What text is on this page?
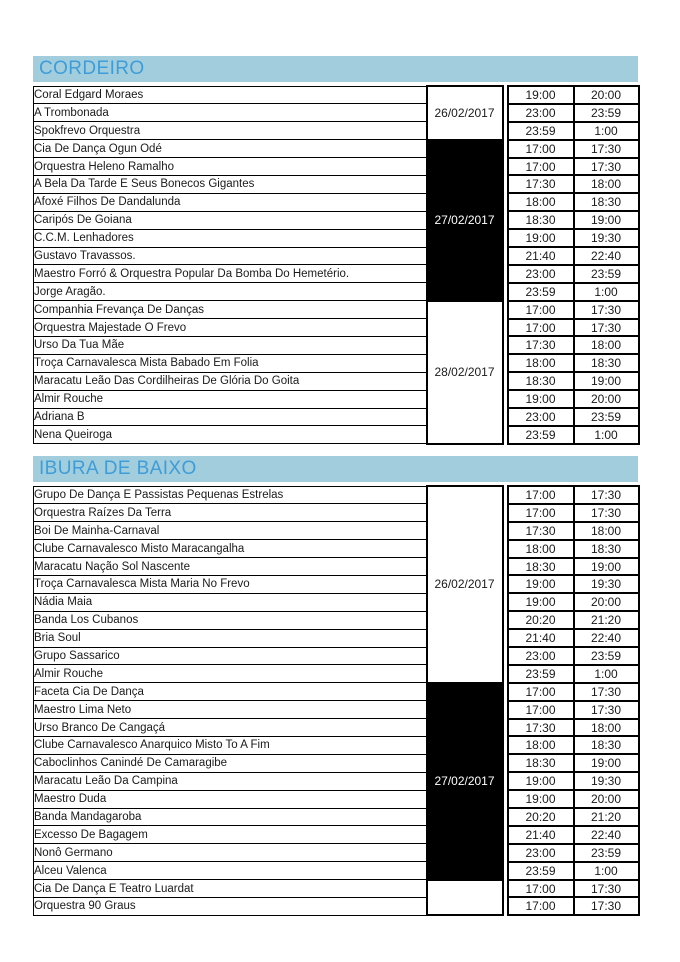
CORDEIRO
Coral Edgard Moraes	26/02/2017		19:00	20:00
A Trombonada			23:00	23:59
Spokfrevo Orquestra			23:59	1:00
Cia De Dança Ogun Odé	27/02/2017		17:00	17:30
Orquestra Heleno Ramalho			17:00	17:30
A Bela Da Tarde E Seus Bonecos Gigantes			17:30	18:00
Afoxé Filhos De Dandalunda			18:00	18:30
Caripós De Goiana			18:30	19:00
C.C.M. Lenhadores			19:00	19:30
Gustavo Travassos.			21:40	22:40
Maestro Forró & Orquestra Popular Da Bomba Do Hemetério.			23:00	23:59
Jorge Aragão.			23:59	1:00
Companhia Frevança De Danças	28/02/2017		17:00	17:30
Orquestra Majestade O Frevo			17:00	17:30
Urso Da Tua Mãe			17:30	18:00
Troça Carnavalesca Mista Babado Em Folia			18:00	18:30
Maracatu Leão Das Cordilheiras De Glória Do Goita			18:30	19:00
Almir Rouche			19:00	20:00
Adriana B			23:00	23:59
Nena Queiroga			23:59	1:00
IBURA DE BAIXO
Grupo De Dança E Passistas Pequenas Estrelas	26/02/2017		17:00	17:30
Orquestra Raízes Da Terra			17:00	17:30
Boi De Mainha-Carnaval			17:30	18:00
Clube Carnavalesco Misto Maracangalha			18:00	18:30
Maracatu Nação Sol Nascente			18:30	19:00
Troça Carnavalesca Mista Maria No Frevo			19:00	19:30
Nádia Maia			19:00	20:00
Banda Los Cubanos			20:20	21:20
Bria Soul			21:40	22:40
Grupo Sassarico			23:00	23:59
Almir Rouche			23:59	1:00
Faceta Cia De Dança	27/02/2017		17:00	17:30
Maestro Lima Neto			17:00	17:30
Urso Branco De Cangaçá			17:30	18:00
Clube Carnavalesco Anarquico Misto To A Fim			18:00	18:30
Caboclinhos Canindé De Camaragibe			18:30	19:00
Maracatu Leão Da Campina			19:00	19:30
Maestro Duda			19:00	20:00
Banda Mandagaroba			20:20	21:20
Excesso De Bagagem			21:40	22:40
Nonô Germano			23:00	23:59
Alceu Valenca			23:59	1:00
Cia De Dança E Teatro Luardat			17:00	17:30
Orquestra 90 Graus			17:00	17:30
